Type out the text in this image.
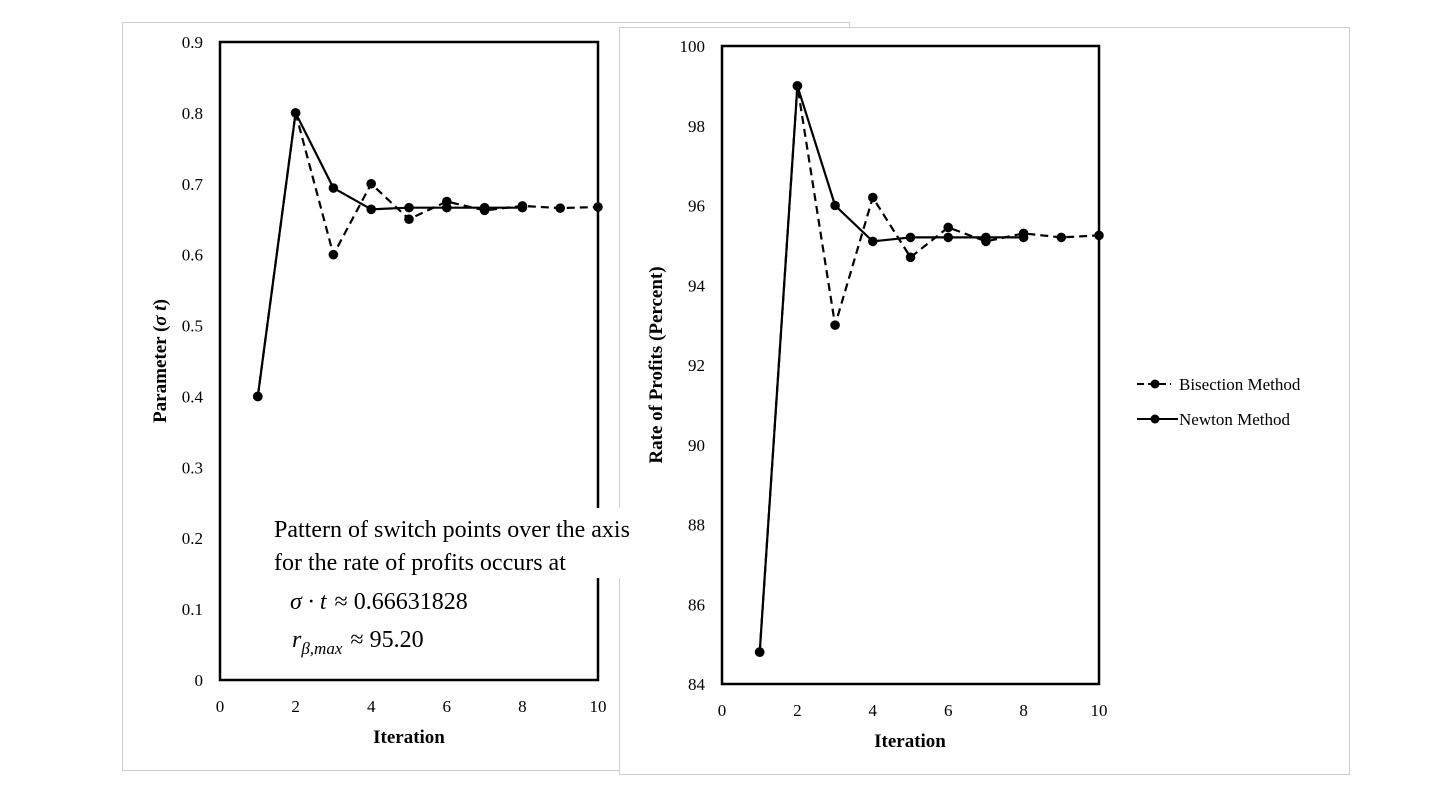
0	2	4	6	8	10
0
0.1
0.2
0.3
0.4
0.5
0.6
0.7
0.8
0.9
Iteration
Parameter (σ t)
0	2	4	6	8	10
84
86
88
90
92
94
96
98
100
Iteration
Rate of Profits (Percent)
Pattern of switch points over the axis
for the rate of profits occurs at
σ · t ≈ 0.66631828
$r_{\beta,max} \approx 95.20$
Bisection Method
Newton Method
